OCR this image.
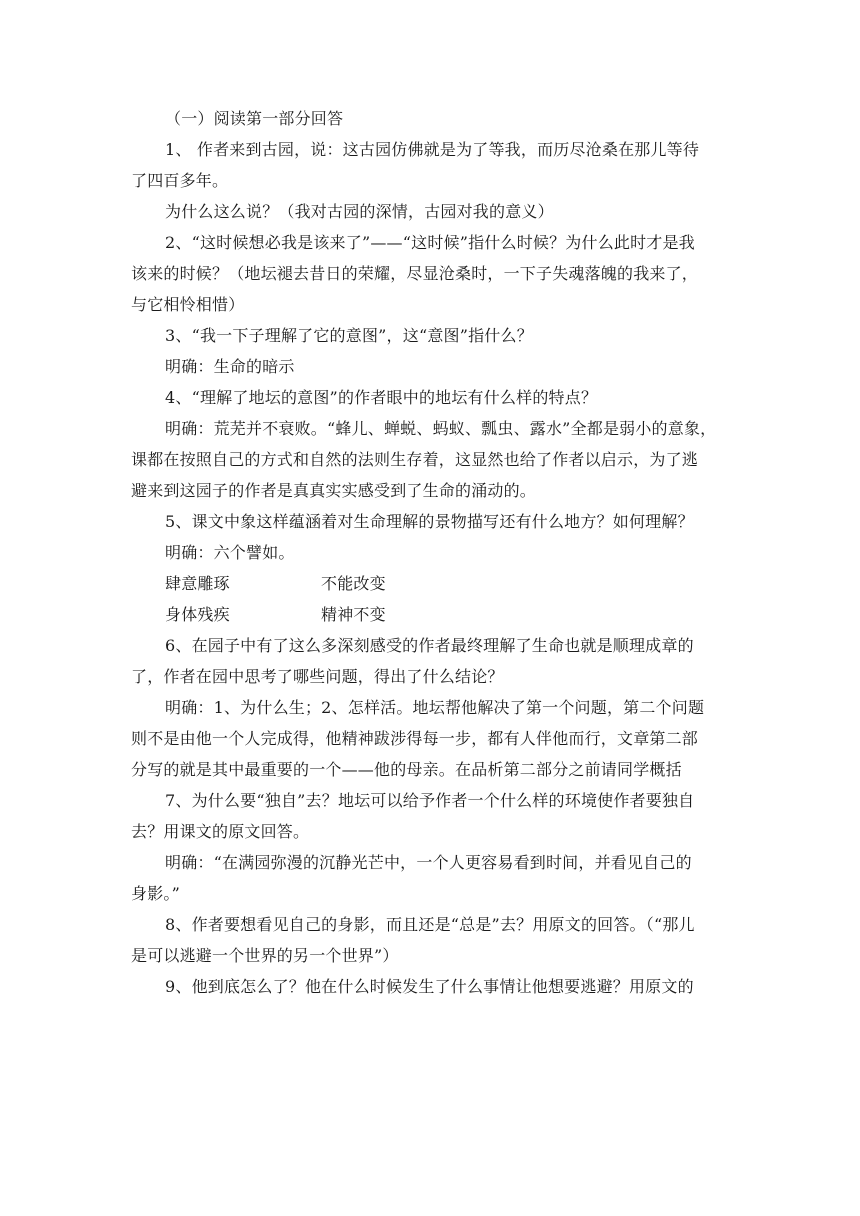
（一）阅读第一部分回答
1、 作者来到古园，说：这古园仿佛就是为了等我，而历尽沧桑在那儿等待
了四百多年。
为什么这么说？（我对古园的深情，古园对我的意义）
2、“这时候想必我是该来了”——“这时候”指什么时候？为什么此时才是我
该来的时候？（地坛褪去昔日的荣耀，尽显沧桑时，一下子失魂落魄的我来了，
与它相怜相惜）
3、“我一下子理解了它的意图”，这“意图”指什么？
明确：生命的暗示
4、“理解了地坛的意图”的作者眼中的地坛有什么样的特点？
明确：荒芜并不衰败。“蜂儿、蝉蜕、蚂蚁、瓢虫、露水”全都是弱小的意象，
课都在按照自己的方式和自然的法则生存着，这显然也给了作者以启示，为了逃
避来到这园子的作者是真真实实感受到了生命的涌动的。
5、课文中象这样蕴涵着对生命理解的景物描写还有什么地方？如何理解？
明确：六个譬如。
肆意雕琢	不能改变
身体残疾	精神不变
6、在园子中有了这么多深刻感受的作者最终理解了生命也就是顺理成章的
了，作者在园中思考了哪些问题，得出了什么结论？
明确：1、为什么生；2、怎样活。地坛帮他解决了第一个问题，第二个问题
则不是由他一个人完成得，他精神跋涉得每一步，都有人伴他而行，文章第二部
分写的就是其中最重要的一个——他的母亲。在品析第二部分之前请同学概括
7、为什么要“独自”去？地坛可以给予作者一个什么样的环境使作者要独自
去？用课文的原文回答。
明确：“在满园弥漫的沉静光芒中，一个人更容易看到时间，并看见自己的
身影。”
8、作者要想看见自己的身影，而且还是“总是”去？用原文的回答。（“那儿
是可以逃避一个世界的另一个世界”）
9、他到底怎么了？他在什么时候发生了什么事情让他想要逃避？用原文的
